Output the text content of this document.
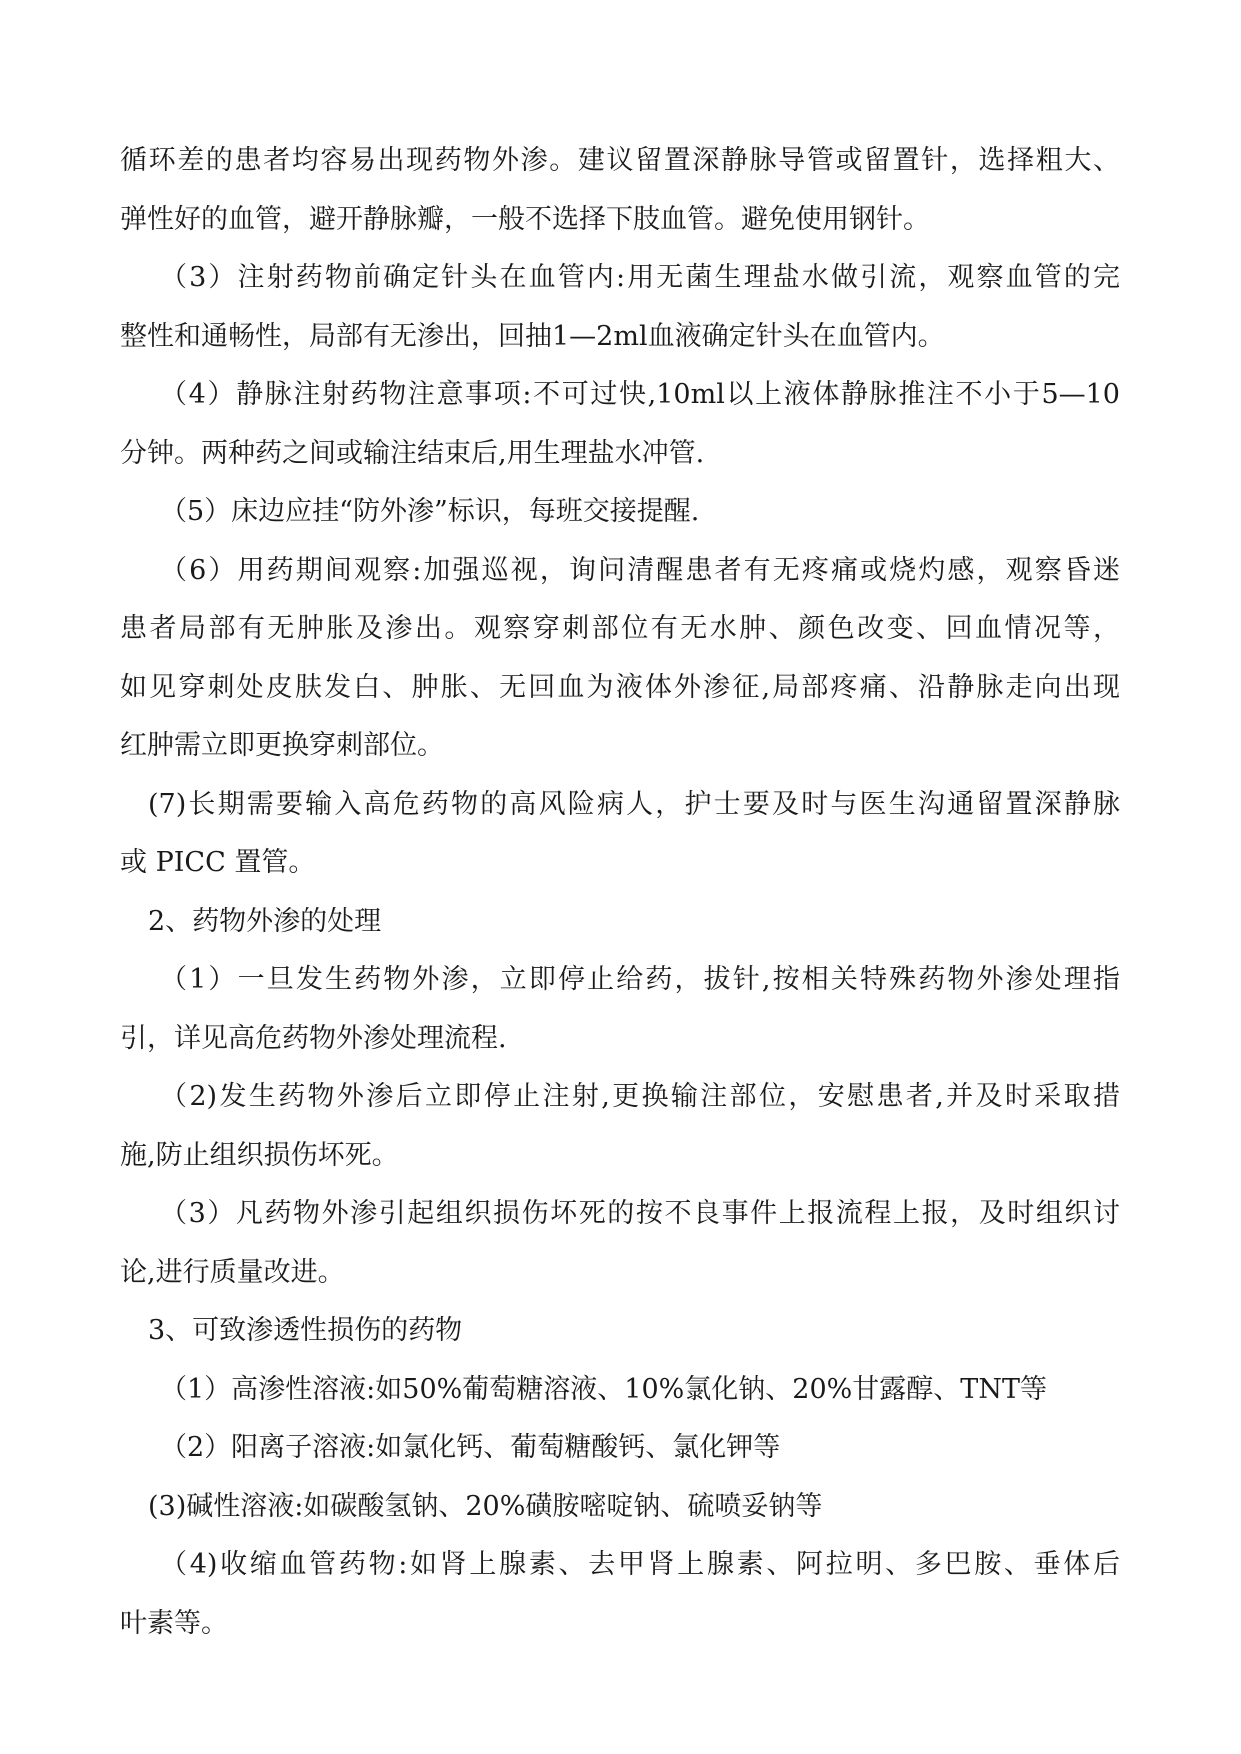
循环差的患者均容易出现药物外渗。建议留置深静脉导管或留置针，选择粗大、
弹性好的血管，避开静脉瓣，一般不选择下肢血管。避免使用钢针。
（3）注射药物前确定针头在血管内:用无菌生理盐水做引流，观察血管的完
整性和通畅性，局部有无渗出，回抽1—2ml血液确定针头在血管内。
（4）静脉注射药物注意事项:不可过快,10ml以上液体静脉推注不小于5—10
分钟。两种药之间或输注结束后,用生理盐水冲管.
（5）床边应挂“防外渗”标识，每班交接提醒.
（6）用药期间观察:加强巡视，询问清醒患者有无疼痛或烧灼感，观察昏迷
患者局部有无肿胀及渗出。观察穿刺部位有无水肿、颜色改变、回血情况等，
如见穿刺处皮肤发白、肿胀、无回血为液体外渗征,局部疼痛、沿静脉走向出现
红肿需立即更换穿刺部位。
(7)长期需要输入高危药物的高风险病人，护士要及时与医生沟通留置深静脉
或 PICC 置管。
2、药物外渗的处理
（1）一旦发生药物外渗，立即停止给药，拔针,按相关特殊药物外渗处理指
引，详见高危药物外渗处理流程.
（2)发生药物外渗后立即停止注射,更换输注部位，安慰患者,并及时采取措
施,防止组织损伤坏死。
（3）凡药物外渗引起组织损伤坏死的按不良事件上报流程上报，及时组织讨
论,进行质量改进。
3、可致渗透性损伤的药物
（1）高渗性溶液:如50%葡萄糖溶液、10%氯化钠、20%甘露醇、TNT等
（2）阳离子溶液:如氯化钙、葡萄糖酸钙、氯化钾等
(3)碱性溶液:如碳酸氢钠、20%磺胺嘧啶钠、硫喷妥钠等
（4)收缩血管药物:如肾上腺素、去甲肾上腺素、阿拉明、多巴胺、垂体后
叶素等。
